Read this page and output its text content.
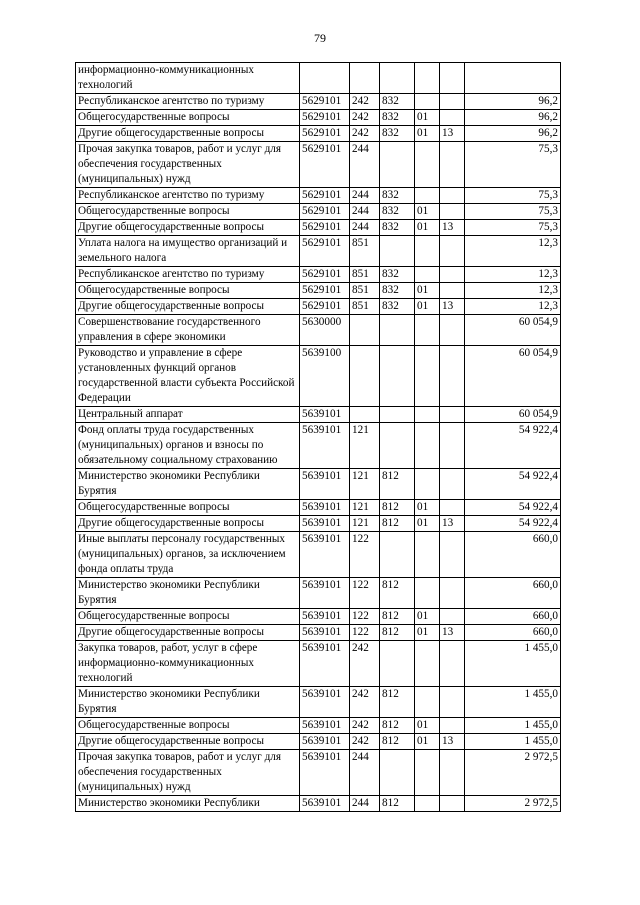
79
информационно-коммуникационных технологий						
Республиканское агентство по туризму	5629101	242	832			96,2
Общегосударственные вопросы	5629101	242	832	01		96,2
Другие общегосударственные вопросы	5629101	242	832	01	13	96,2
Прочая закупка товаров, работ и услуг для обеспечения государственных (муниципальных) нужд	5629101	244				75,3
Республиканское агентство по туризму	5629101	244	832			75,3
Общегосударственные вопросы	5629101	244	832	01		75,3
Другие общегосударственные вопросы	5629101	244	832	01	13	75,3
Уплата налога на имущество организаций и земельного налога	5629101	851				12,3
Республиканское агентство по туризму	5629101	851	832			12,3
Общегосударственные вопросы	5629101	851	832	01		12,3
Другие общегосударственные вопросы	5629101	851	832	01	13	12,3
Совершенствование государственного управления в сфере экономики	5630000					60 054,9
Руководство и управление в сфере установленных функций органов государственной власти субъекта Российской Федерации	5639100					60 054,9
Центральный аппарат	5639101					60 054,9
Фонд оплаты труда государственных (муниципальных) органов и взносы по обязательному социальному страхованию	5639101	121				54 922,4
Министерство экономики Республики Бурятия	5639101	121	812			54 922,4
Общегосударственные вопросы	5639101	121	812	01		54 922,4
Другие общегосударственные вопросы	5639101	121	812	01	13	54 922,4
Иные выплаты персоналу государственных (муниципальных) органов, за исключением фонда оплаты труда	5639101	122				660,0
Министерство экономики Республики Бурятия	5639101	122	812			660,0
Общегосударственные вопросы	5639101	122	812	01		660,0
Другие общегосударственные вопросы	5639101	122	812	01	13	660,0
Закупка товаров, работ, услуг в сфере информационно-коммуникационных технологий	5639101	242				1 455,0
Министерство экономики Республики Бурятия	5639101	242	812			1 455,0
Общегосударственные вопросы	5639101	242	812	01		1 455,0
Другие общегосударственные вопросы	5639101	242	812	01	13	1 455,0
Прочая закупка товаров, работ и услуг для обеспечения государственных (муниципальных) нужд	5639101	244				2 972,5
Министерство экономики Республики	5639101	244	812			2 972,5
